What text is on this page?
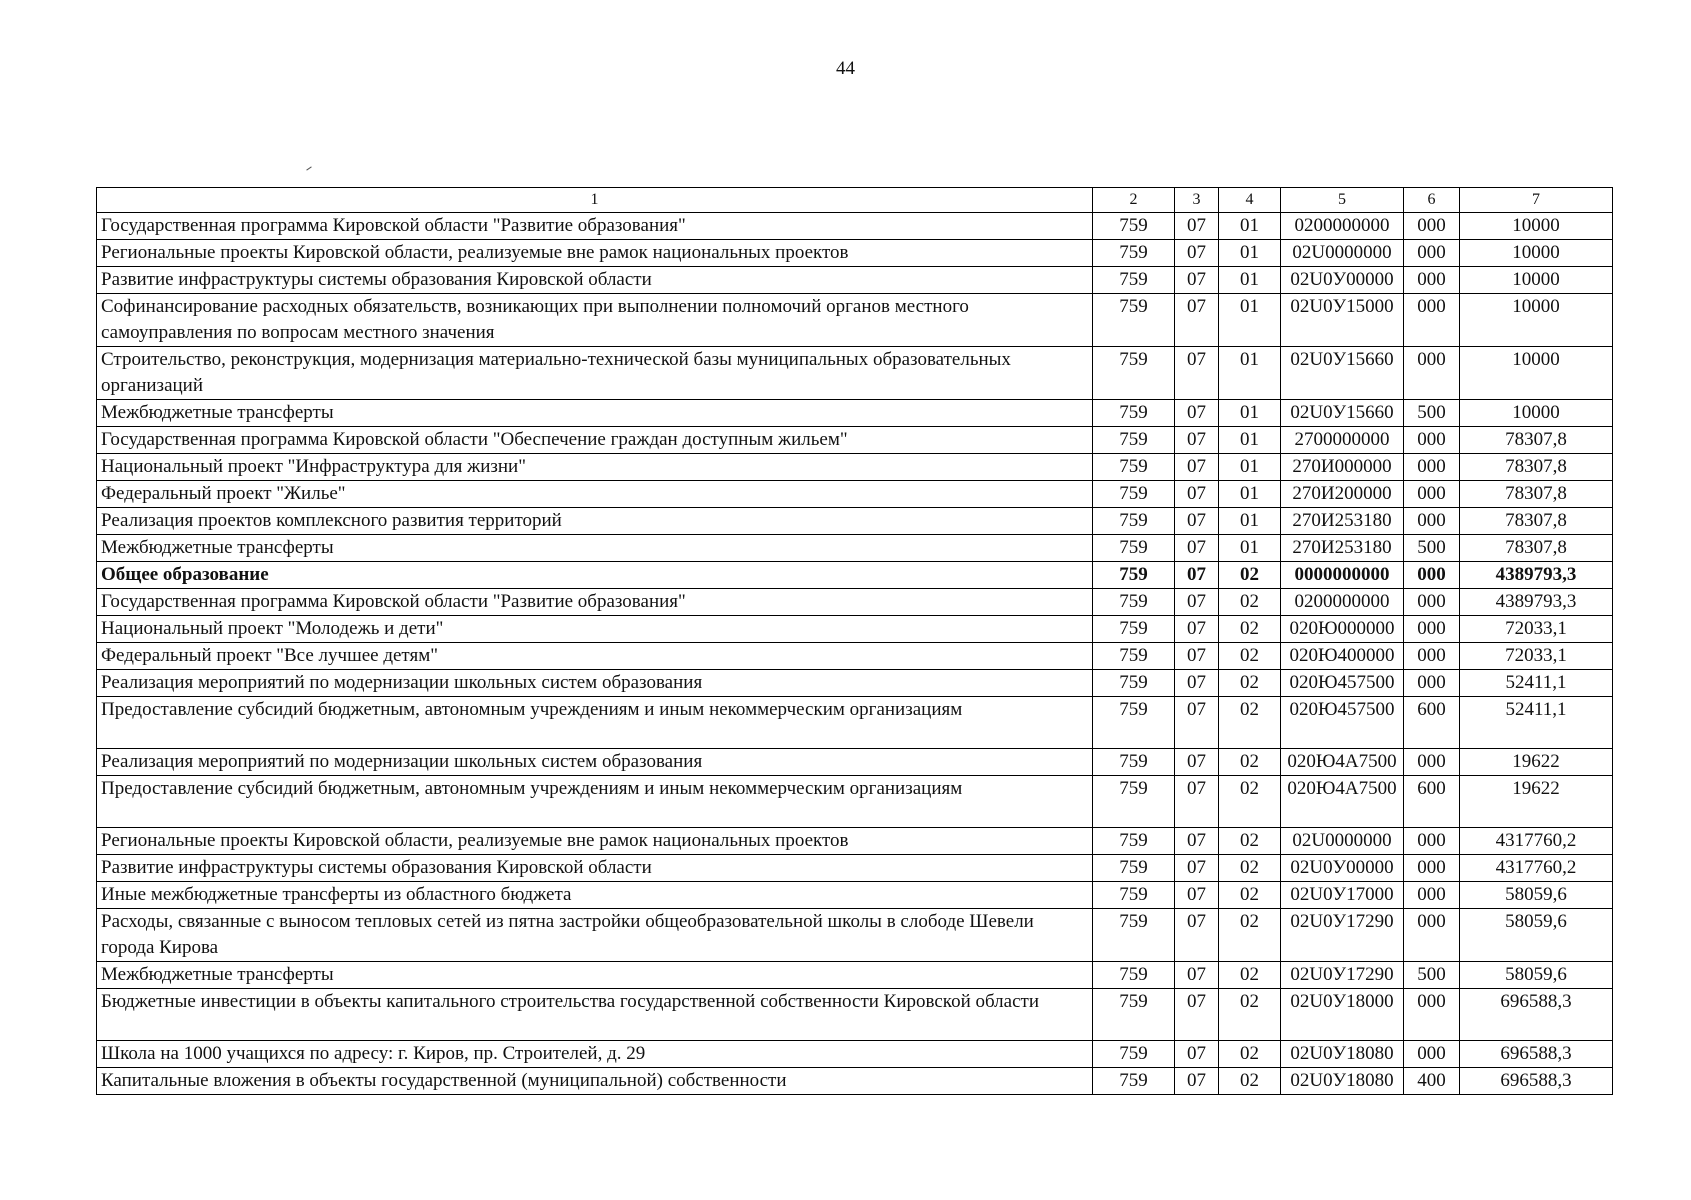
44
1	2	3	4	5	6	7
Государственная программа Кировской области "Развитие образования"	759	07	01	0200000000	000	10000
Региональные проекты Кировской области, реализуемые вне рамок национальных проектов	759	07	01	02U0000000	000	10000
Развитие инфраструктуры системы образования Кировской области	759	07	01	02U0У00000	000	10000
Софинансирование расходных обязательств, возникающих при выполнении полномочий органов местного самоуправления по вопросам местного значения	759	07	01	02U0У15000	000	10000
Строительство, реконструкция, модернизация материально-технической базы муниципальных образовательных организаций	759	07	01	02U0У15660	000	10000
Межбюджетные трансферты	759	07	01	02U0У15660	500	10000
Государственная программа Кировской области "Обеспечение граждан доступным жильем"	759	07	01	2700000000	000	78307,8
Национальный проект "Инфраструктура для жизни"	759	07	01	270И000000	000	78307,8
Федеральный проект "Жилье"	759	07	01	270И200000	000	78307,8
Реализация проектов комплексного развития территорий	759	07	01	270И253180	000	78307,8
Межбюджетные трансферты	759	07	01	270И253180	500	78307,8
Общее образование	759	07	02	0000000000	000	4389793,3
Государственная программа Кировской области "Развитие образования"	759	07	02	0200000000	000	4389793,3
Национальный проект "Молодежь и дети"	759	07	02	020Ю000000	000	72033,1
Федеральный проект "Все лучшее детям"	759	07	02	020Ю400000	000	72033,1
Реализация мероприятий по модернизации школьных систем образования	759	07	02	020Ю457500	000	52411,1
Предоставление субсидий бюджетным, автономным учреждениям и иным некоммерческим организациям	759	07	02	020Ю457500	600	52411,1
Реализация мероприятий по модернизации школьных систем образования	759	07	02	020Ю4А7500	000	19622
Предоставление субсидий бюджетным, автономным учреждениям и иным некоммерческим организациям	759	07	02	020Ю4А7500	600	19622
Региональные проекты Кировской области, реализуемые вне рамок национальных проектов	759	07	02	02U0000000	000	4317760,2
Развитие инфраструктуры системы образования Кировской области	759	07	02	02U0У00000	000	4317760,2
Иные межбюджетные трансферты из областного бюджета	759	07	02	02U0У17000	000	58059,6
Расходы, связанные с выносом тепловых сетей из пятна застройки общеобразовательной школы в слободе Шевели города Кирова	759	07	02	02U0У17290	000	58059,6
Межбюджетные трансферты	759	07	02	02U0У17290	500	58059,6
Бюджетные инвестиции в объекты капитального строительства государственной собственности Кировской области	759	07	02	02U0У18000	000	696588,3
Школа на 1000 учащихся по адресу: г. Киров, пр. Строителей, д. 29	759	07	02	02U0У18080	000	696588,3
Капитальные вложения в объекты государственной (муниципальной) собственности	759	07	02	02U0У18080	400	696588,3
